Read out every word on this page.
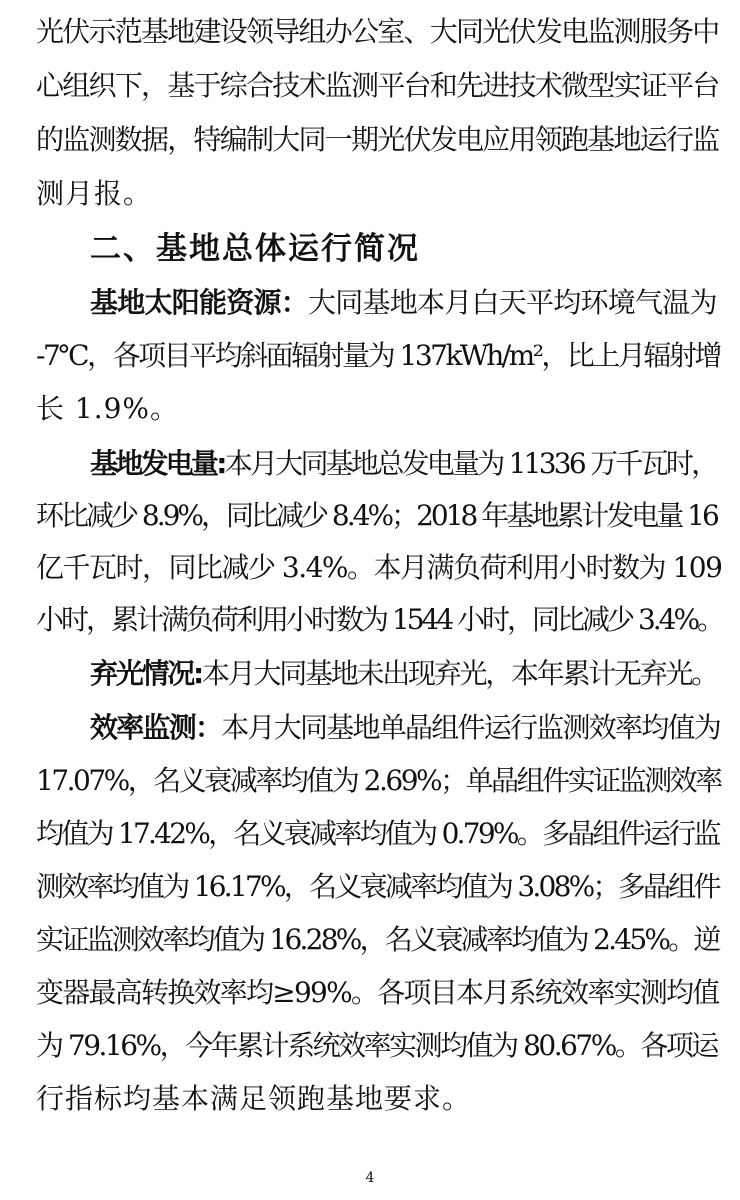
光伏示范基地建设领导组办公室、大同光伏发电监测服务中
心组织下，基于综合技术监测平台和先进技术微型实证平台
的监测数据，特编制大同一期光伏发电应用领跑基地运行监
测月报。
二、基地总体运行简况
基地太阳能资源：大同基地本月白天平均环境气温为
-7℃，各项目平均斜面辐射量为 137kWh/m²，比上月辐射增
长 1.9%。
基地发电量:本月大同基地总发电量为 11336 万千瓦时，
环比减少 8.9%，同比减少 8.4%；2018 年基地累计发电量 16
亿千瓦时，同比减少 3.4%。本月满负荷利用小时数为 109
小时，累计满负荷利用小时数为 1544 小时，同比减少 3.4%。
弃光情况:本月大同基地未出现弃光，本年累计无弃光。
效率监测：本月大同基地单晶组件运行监测效率均值为
17.07%，名义衰减率均值为 2.69%；单晶组件实证监测效率
均值为 17.42%，名义衰减率均值为 0.79%。多晶组件运行监
测效率均值为 16.17%，名义衰减率均值为 3.08%；多晶组件
实证监测效率均值为 16.28%，名义衰减率均值为 2.45%。逆
变器最高转换效率均≥99%。各项目本月系统效率实测均值
为 79.16%，今年累计系统效率实测均值为 80.67%。各项运
行指标均基本满足领跑基地要求。
4
